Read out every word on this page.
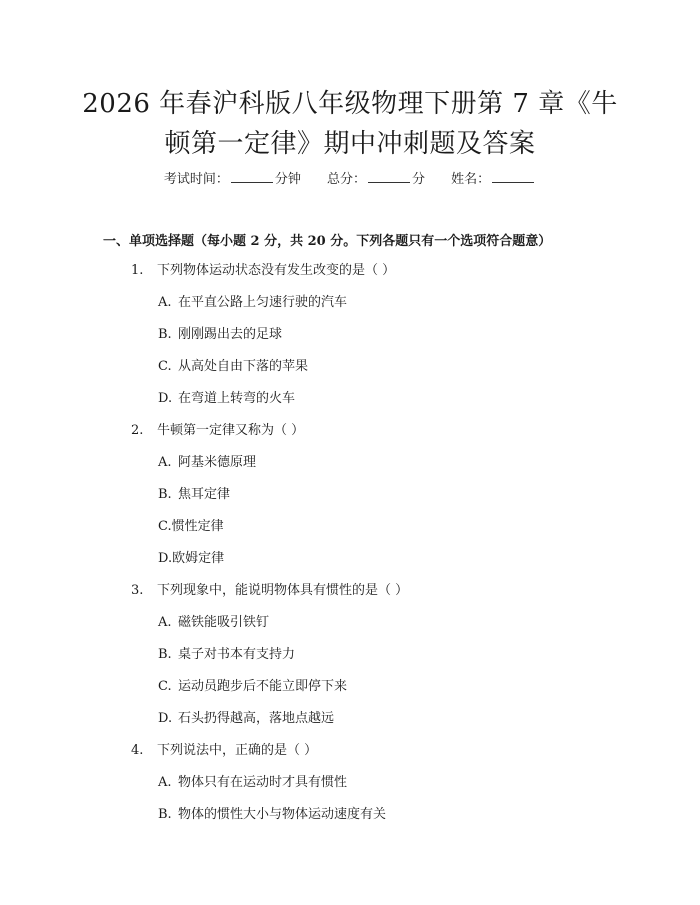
2026 年春沪科版八年级物理下册第 7 章《牛
顿第一定律》期中冲刺题及答案
考试时间：	分钟 总分：	分 姓名：
一、单项选择题（每小题 2 分，共 20 分。下列各题只有一个选项符合题意）
1. 下列物体运动状态没有发生改变的是（ ）
A. 在平直公路上匀速行驶的汽车
B. 刚刚踢出去的足球
C. 从高处自由下落的苹果
D. 在弯道上转弯的火车
2. 牛顿第一定律又称为（ ）
A. 阿基米德原理
B. 焦耳定律
C.惯性定律
D.欧姆定律
3. 下列现象中，能说明物体具有惯性的是（ ）
A. 磁铁能吸引铁钉
B. 桌子对书本有支持力
C. 运动员跑步后不能立即停下来
D. 石头扔得越高，落地点越远
4. 下列说法中，正确的是（ ）
A. 物体只有在运动时才具有惯性
B. 物体的惯性大小与物体运动速度有关
